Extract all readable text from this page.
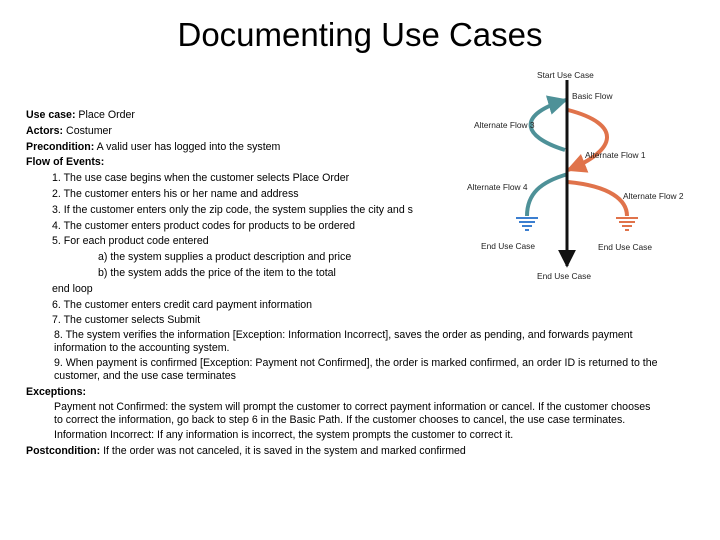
Documenting Use Cases
Use case: Place Order
Actors: Costumer
Precondition: A valid user has logged into the system
Flow of Events:
1. The use case begins when the customer selects Place Order
2. The customer enters his or her name and address
3. If the customer enters only the zip code, the system supplies the city and s
4. The customer enters product codes for products to be ordered
5. For each product code entered
a) the system supplies a product description and price
b) the system adds the price of the item to the total
end loop
6. The customer enters credit card payment information
7. The customer selects Submit
8. The system verifies the information [Exception: Information Incorrect], saves the order as pending, and forwards payment information to the accounting system.
9. When payment is confirmed [Exception: Payment not Confirmed], the order is marked confirmed, an order ID is returned to the customer, and the use case terminates
Exceptions:
Payment not Confirmed: the system will prompt the customer to correct payment information or cancel. If the customer chooses to correct the information, go back to step 6 in the Basic Path. If the customer chooses to cancel, the use case terminates.
Information Incorrect: If any information is incorrect, the system prompts the customer to correct it.
Postcondition: If the order was not canceled, it is saved in the system and marked confirmed
Start Use Case
Basic Flow
Alternate Flow 3
Alternate Flow 1
Alternate Flow 4
Alternate Flow 2
End Use Case	End Use Case
End Use Case
